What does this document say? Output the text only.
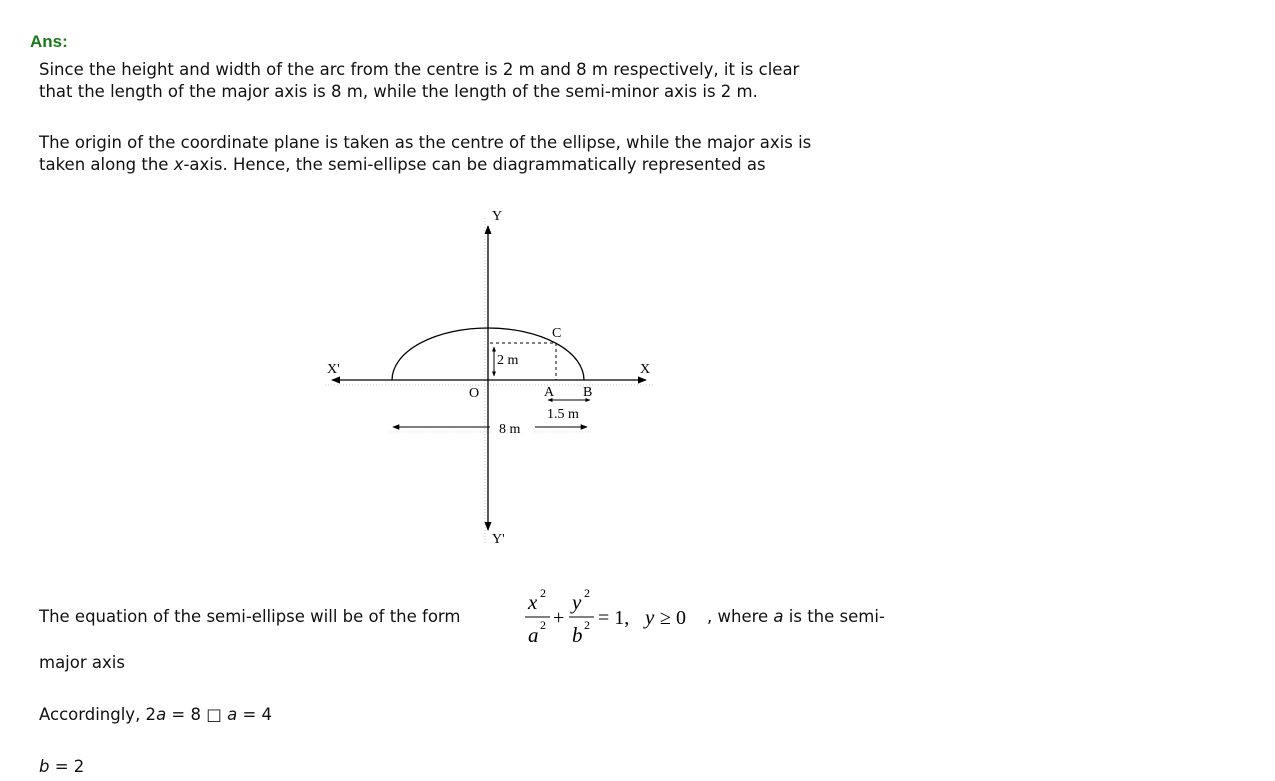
Ans:

Since the height and width of the arc from the centre is 2 m and 8 m respectively, it is clear
that the length of the major axis is 8 m, while the length of the semi-minor axis is 2 m.

The origin of the coordinate plane is taken as the centre of the ellipse, while the major axis is
taken along the x-axis. Hence, the semi-ellipse can be diagrammatically represented as

Y
Y'
X
X'
O	A B
C
2 m
1.5 m
8 m
The equation of the semi-ellipse will be of the form
x 2
a 2 +
y 2
b 2 = 1, y ≥ 0 , where a is the semi-

major axis

Accordingly, 2a = 8 □ a = 4

b = 2
